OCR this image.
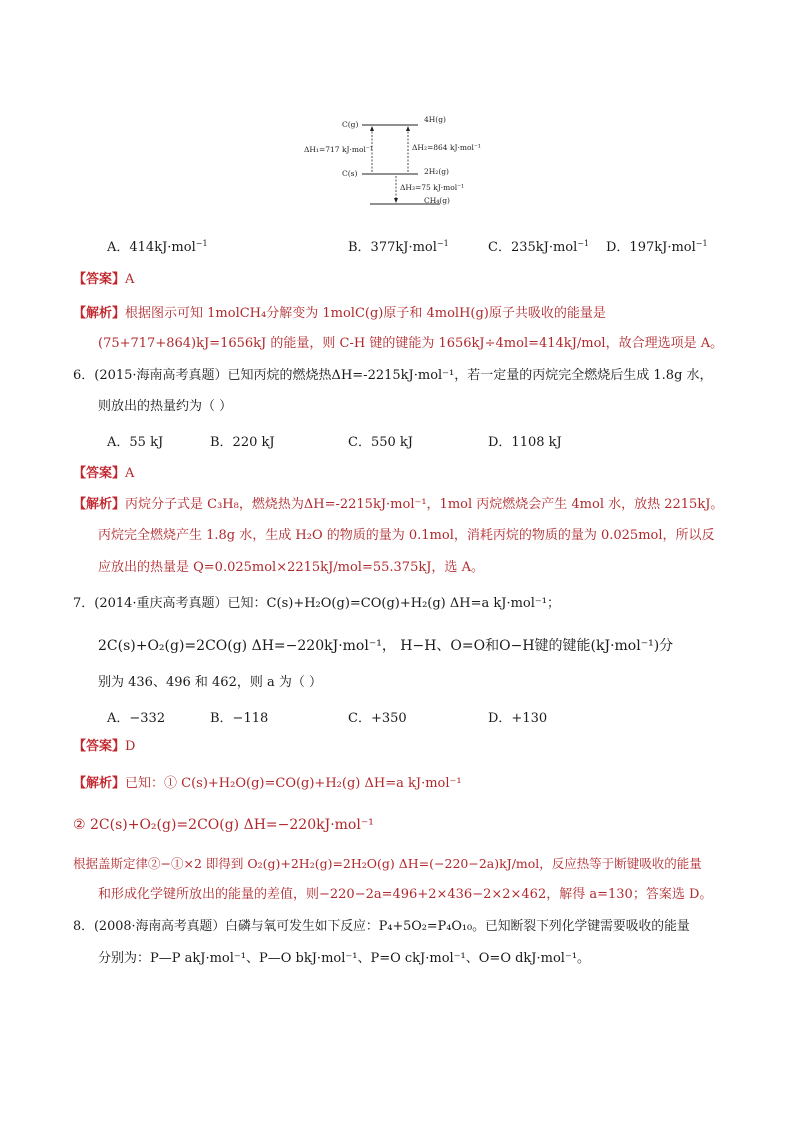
C(g)
4H(g)
ΔH₁=717 kJ·mol⁻¹	ΔH₂=864 kJ·mol⁻¹
C(s)	2H₂(g)
ΔH₃=75 kJ·mol⁻¹
CH₄(g)
A．414kJ·mol$^{-1}$	B．377kJ·mol$^{-1}$	C．235kJ·mol$^{-1}$ D．197kJ·mol$^{-1}$
【答案】A
【解析】根据图示可知 1molCH₄分解变为 1molC(g)原子和 4molH(g)原子共吸收的能量是
(75+717+864)kJ=1656kJ 的能量，则 C-H 键的键能为 1656kJ÷4mol=414kJ/mol，故合理选项是 A。
6．(2015·海南高考真题）已知丙烷的燃烧热ΔH=-2215kJ·mol⁻¹，若一定量的丙烷完全燃烧后生成 1.8g 水，
则放出的热量约为（ ）
A．55 kJ	B．220 kJ	C．550 kJ	D．1108 kJ
【答案】A
【解析】丙烷分子式是 C₃H₈，燃烧热为ΔH=-2215kJ·mol⁻¹，1mol 丙烷燃烧会产生 4mol 水，放热 2215kJ。
丙烷完全燃烧产生 1.8g 水，生成 H₂O 的物质的量为 0.1mol，消耗丙烷的物质的量为 0.025mol，所以反
应放出的热量是 Q=0.025mol×2215kJ/mol=55.375kJ，选 A。
7．(2014·重庆高考真题）已知：C(s)+H₂O(g)=CO(g)+H₂(g) ΔH=a kJ·mol⁻¹；
2C(s)+O₂(g)=2CO(g) ΔH=−220kJ·mol⁻¹， H−H、O=O和O−H键的键能(kJ·mol⁻¹)分
别为 436、496 和 462，则 a 为（ ）
A．−332	B．−118	C．+350	D．+130
【答案】D
【解析】已知：① C(s)+H₂O(g)=CO(g)+H₂(g) ΔH=a kJ·mol⁻¹
② 2C(s)+O₂(g)=2CO(g) ΔH=−220kJ·mol⁻¹
根据盖斯定律②−①×2 即得到 O₂(g)+2H₂(g)=2H₂O(g) ΔH=(−220−2a)kJ/mol，反应热等于断键吸收的能量
和形成化学键所放出的能量的差值，则−220−2a=496+2×436−2×2×462，解得 a=130；答案选 D。
8．(2008·海南高考真题）白磷与氧可发生如下反应：P₄+5O₂=P₄O₁₀。已知断裂下列化学键需要吸收的能量
分别为：P—P akJ·mol⁻¹、P—O bkJ·mol⁻¹、P=O ckJ·mol⁻¹、O=O dkJ·mol⁻¹。
